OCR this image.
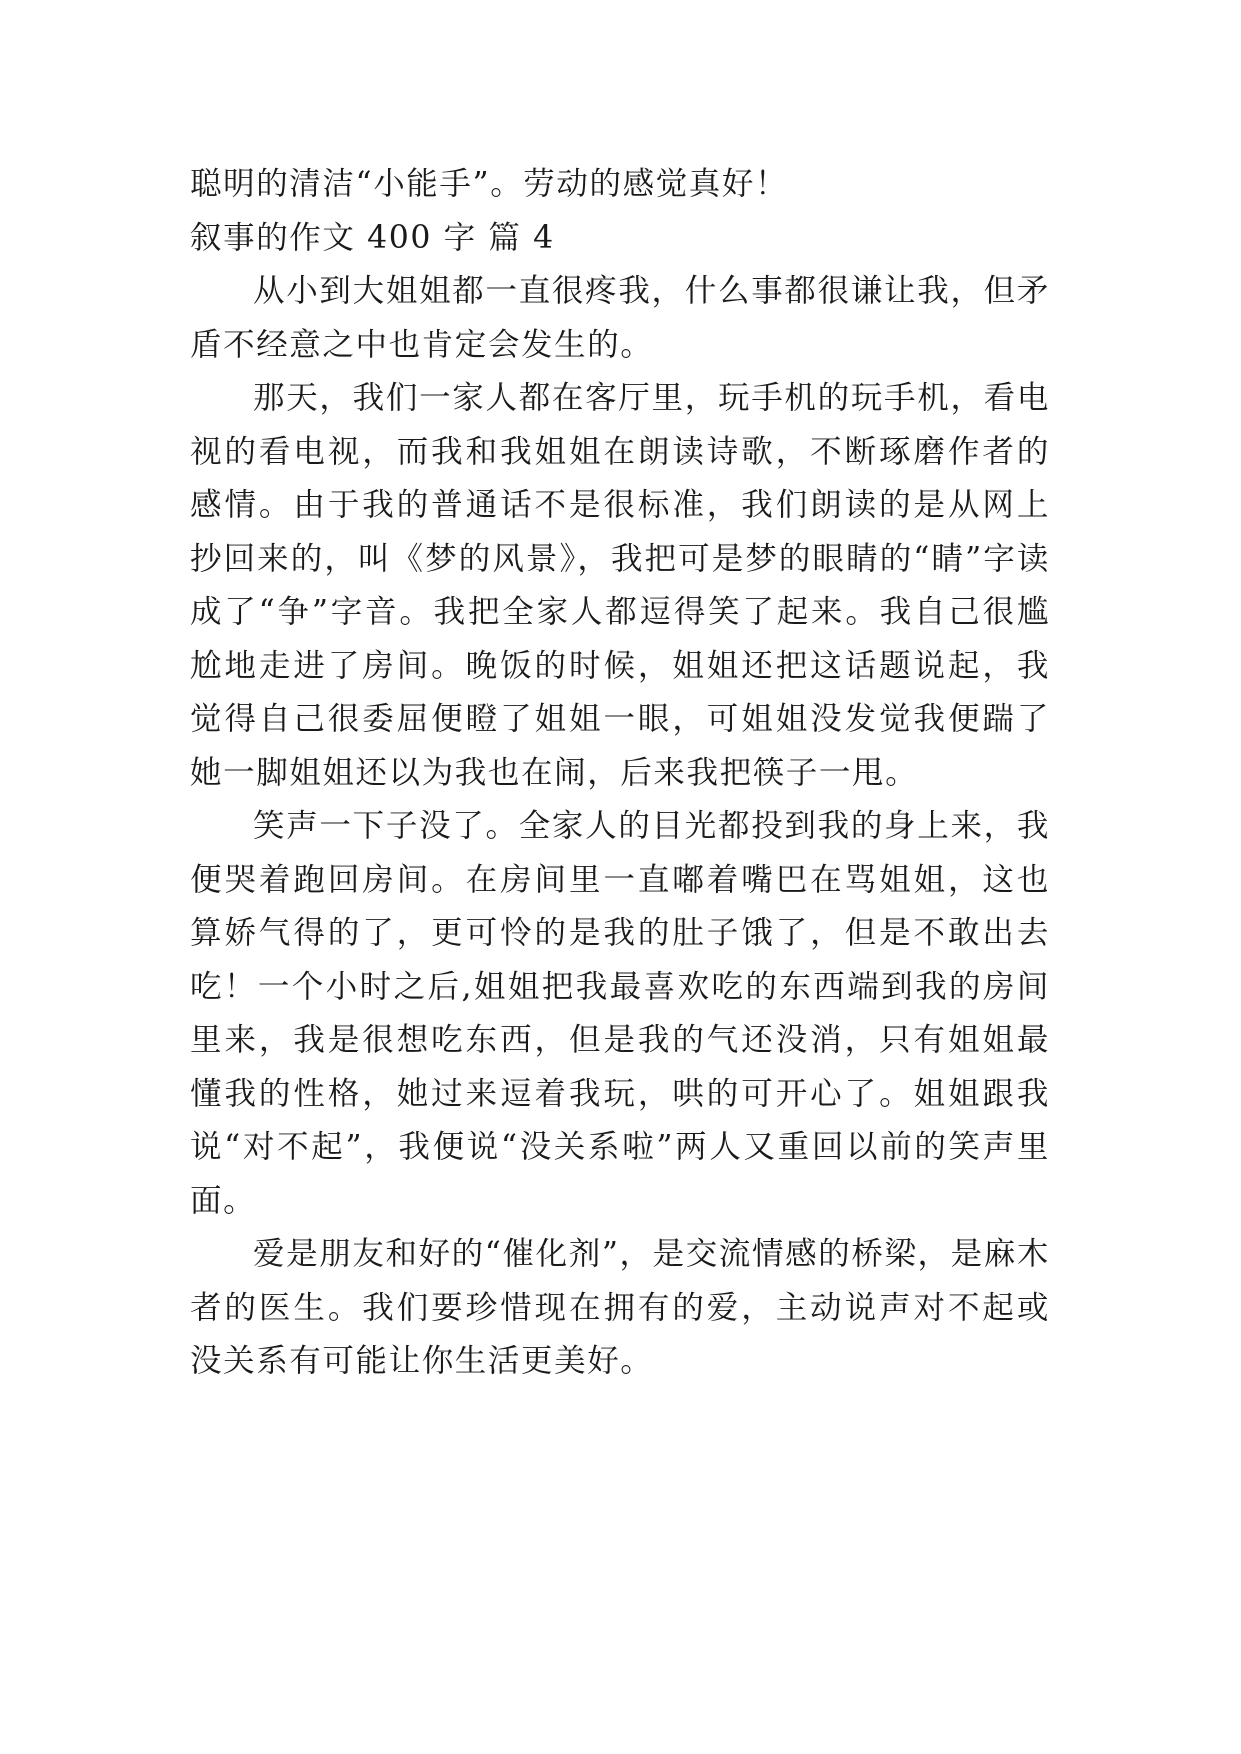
聪明的清洁“小能手”。劳动的感觉真好！

叙事的作文 400 字 篇 4

从小到大姐姐都一直很疼我，什么事都很谦让我，但矛盾不经意之中也肯定会发生的。

那天，我们一家人都在客厅里，玩手机的玩手机，看电视的看电视，而我和我姐姐在朗读诗歌，不断琢磨作者的感情。由于我的普通话不是很标准，我们朗读的是从网上抄回来的，叫《梦的风景》，我把可是梦的眼睛的“睛”字读成了“争”字音。我把全家人都逗得笑了起来。我自己很尴尬地走进了房间。晚饭的时候，姐姐还把这话题说起，我觉得自己很委屈便瞪了姐姐一眼，可姐姐没发觉我便踹了她一脚姐姐还以为我也在闹，后来我把筷子一甩。

笑声一下子没了。全家人的目光都投到我的身上来，我便哭着跑回房间。在房间里一直嘟着嘴巴在骂姐姐，这也算娇气得的了，更可怜的是我的肚子饿了，但是不敢出去吃！一个小时之后,姐姐把我最喜欢吃的东西端到我的房间里来，我是很想吃东西，但是我的气还没消，只有姐姐最懂我的性格，她过来逗着我玩，哄的可开心了。姐姐跟我说“对不起”，我便说“没关系啦”两人又重回以前的笑声里面。

爱是朋友和好的“催化剂”，是交流情感的桥梁，是麻木者的医生。我们要珍惜现在拥有的爱，主动说声对不起或没关系有可能让你生活更美好。
